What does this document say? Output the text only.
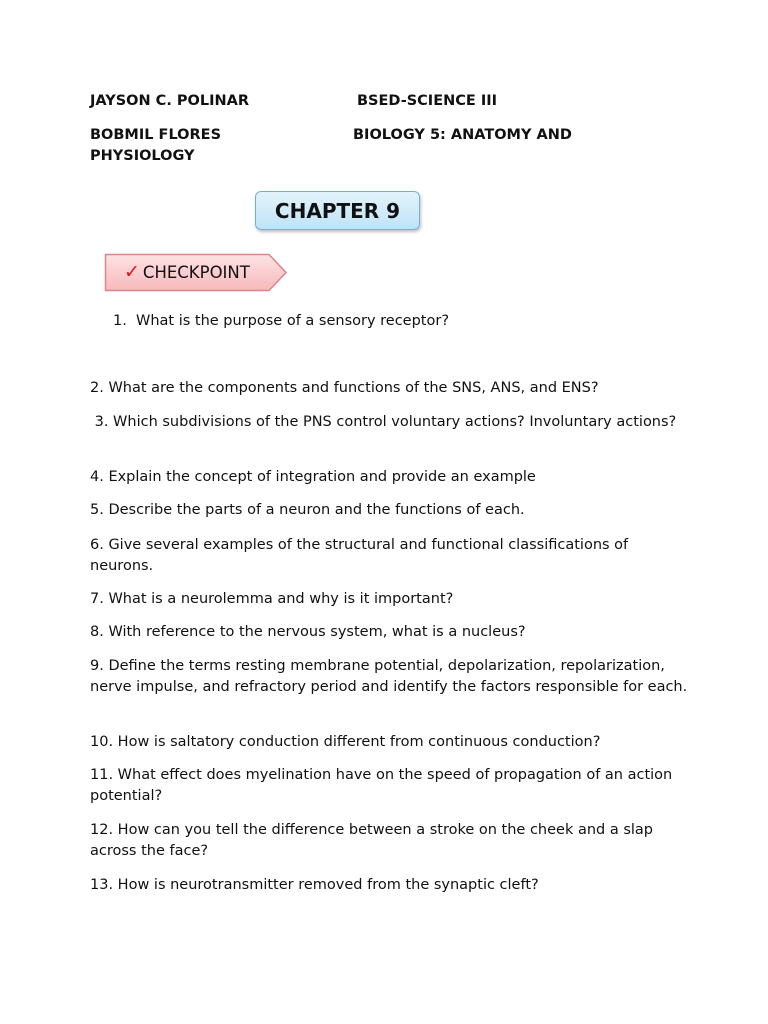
JAYSON C. POLINAR	BSED-SCIENCE III

BOBMIL FLORES	BIOLOGY 5: ANATOMY AND

PHYSIOLOGY

CHAPTER 9
✓ CHECKPOINT

1. What is the purpose of a sensory receptor?

2. What are the components and functions of the SNS, ANS, and ENS?

3. Which subdivisions of the PNS control voluntary actions? Involuntary actions?

4. Explain the concept of integration and provide an example

5. Describe the parts of a neuron and the functions of each.

6. Give several examples of the structural and functional classifications of neurons.

7. What is a neurolemma and why is it important?

8. With reference to the nervous system, what is a nucleus?

9. Define the terms resting membrane potential, depolarization, repolarization, nerve impulse, and refractory period and identify the factors responsible for each.

10. How is saltatory conduction different from continuous conduction?

11. What effect does myelination have on the speed of propagation of an action potential?

12. How can you tell the difference between a stroke on the cheek and a slap across the face?

13. How is neurotransmitter removed from the synaptic cleft?
